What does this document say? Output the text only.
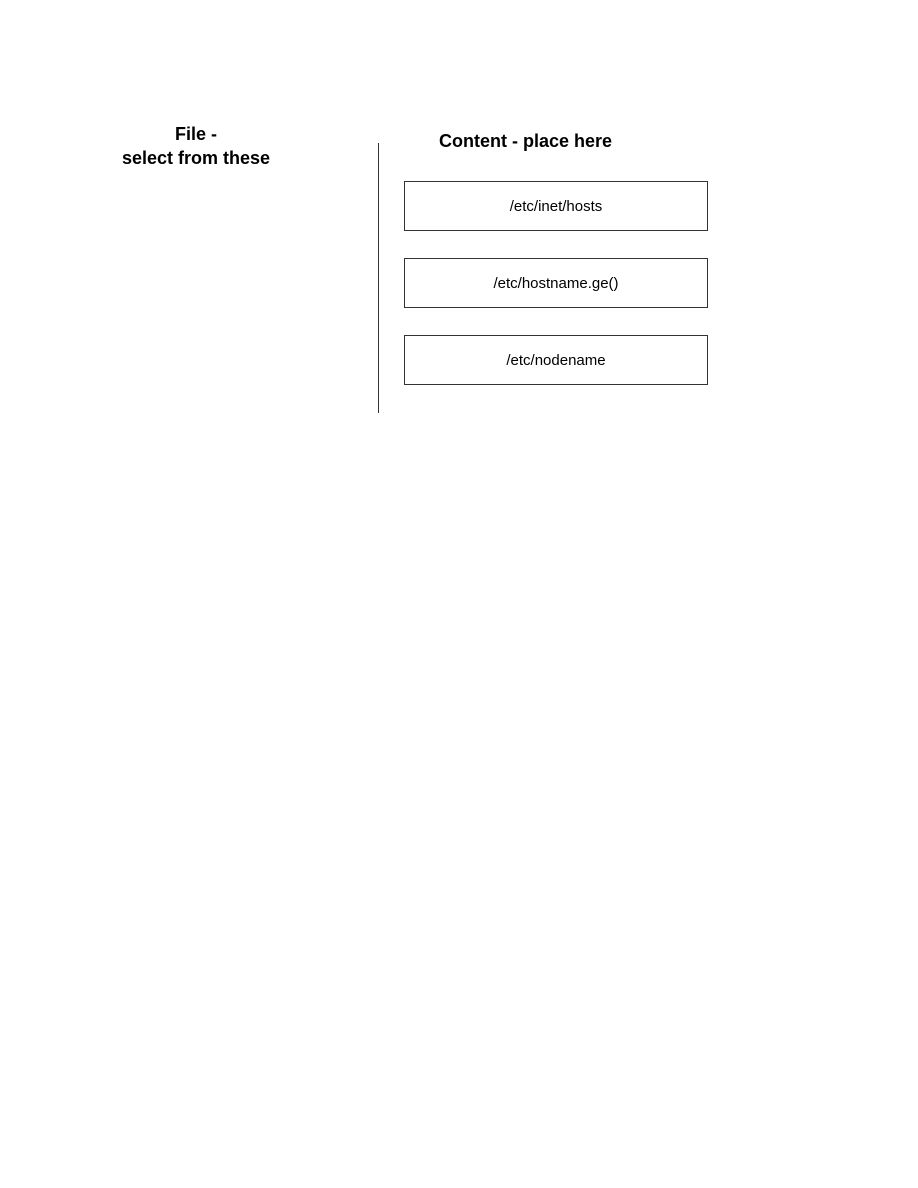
File -
select from these
Content - place here
/etc/inet/hosts
/etc/hostname.ge()
/etc/nodename
